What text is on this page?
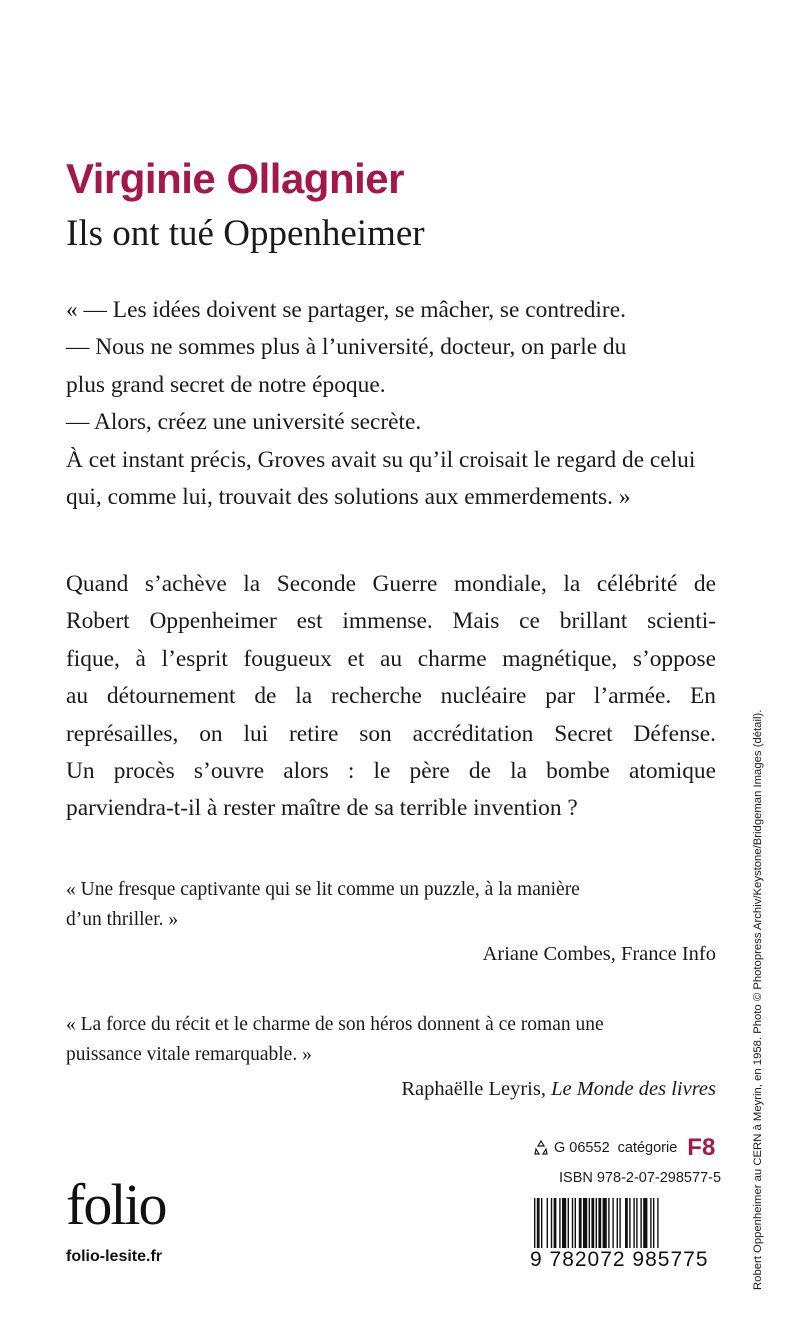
Virginie Ollagnier
Ils ont tué Oppenheimer
« — Les idées doivent se partager, se mâcher, se contredire.
— Nous ne sommes plus à l’université, docteur, on parle du
plus grand secret de notre époque.
— Alors, créez une université secrète.
À cet instant précis, Groves avait su qu’il croisait le regard de celui
qui, comme lui, trouvait des solutions aux emmerdements. »
Quand s’achève la Seconde Guerre mondiale, la célébrité de
Robert Oppenheimer est immense. Mais ce brillant scienti-
fique, à l’esprit fougueux et au charme magnétique, s’oppose
au détournement de la recherche nucléaire par l’armée. En
représailles, on lui retire son accréditation Secret Défense.
Un procès s’ouvre alors : le père de la bombe atomique
parviendra-t-il à rester maître de sa terrible invention ?
« Une fresque captivante qui se lit comme un puzzle, à la manière
d’un thriller. »
Ariane Combes, France Info
« La force du récit et le charme de son héros donnent à ce roman une
puissance vitale remarquable. »
Raphaëlle Leyris, Le Monde des livres	Robert Oppenheimer au CERN à Meyrin, en 1958. Photo © Photopress Archiv/Keystone/Bridgeman Images (détail).
folio
folio-lesite.fr
G 06552 catégorie F8
ISBN 978-2-07-298577-5
9 782072 985775
